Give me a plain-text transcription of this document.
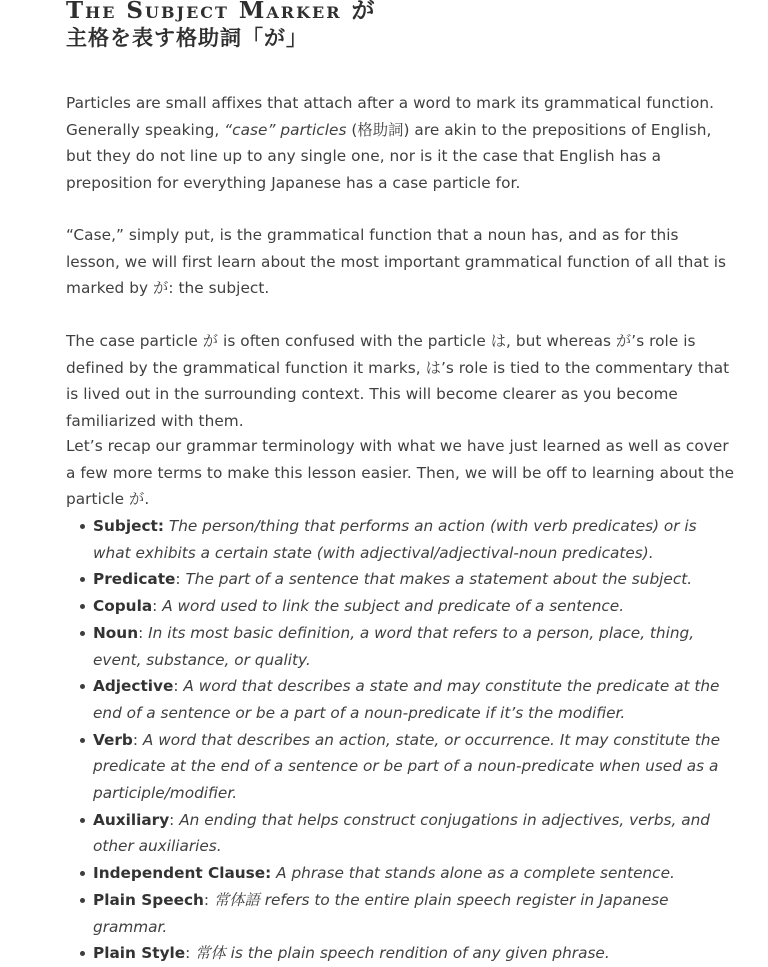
The Subject Marker が
主格を表す格助詞「が」

Particles are small affixes that attach after a word to mark its grammatical function. Generally speaking, “case” particles (格助詞) are akin to the prepositions of English, but they do not line up to any single one, nor is it the case that English has a preposition for everything Japanese has a case particle for.

“Case,” simply put, is the grammatical function that a noun has, and as for this lesson, we will first learn about the most important grammatical function of all that is marked by が: the subject.

The case particle が is often confused with the particle は, but whereas が’s role is defined by the grammatical function it marks, は’s role is tied to the commentary that is lived out in the surrounding context. This will become clearer as you become familiarized with them.

Let’s recap our grammar terminology with what we have just learned as well as cover a few more terms to make this lesson easier. Then, we will be off to learning about the particle が.

Subject: The person/thing that performs an action (with verb predicates) or is what exhibits a certain state (with adjectival/adjectival-noun predicates).
Predicate: The part of a sentence that makes a statement about the subject.
Copula: A word used to link the subject and predicate of a sentence.
Noun: In its most basic definition, a word that refers to a person, place, thing, event, substance, or quality.
Adjective: A word that describes a state and may constitute the predicate at the end of a sentence or be a part of a noun-predicate if it’s the modifier.
Verb: A word that describes an action, state, or occurrence. It may constitute the predicate at the end of a sentence or be part of a noun-predicate when used as a participle/modifier.
Auxiliary: An ending that helps construct conjugations in adjectives, verbs, and other auxiliaries.
Independent Clause: A phrase that stands alone as a complete sentence.
Plain Speech: 常体語 refers to the entire plain speech register in Japanese grammar.
Plain Style: 常体 is the plain speech rendition of any given phrase.
